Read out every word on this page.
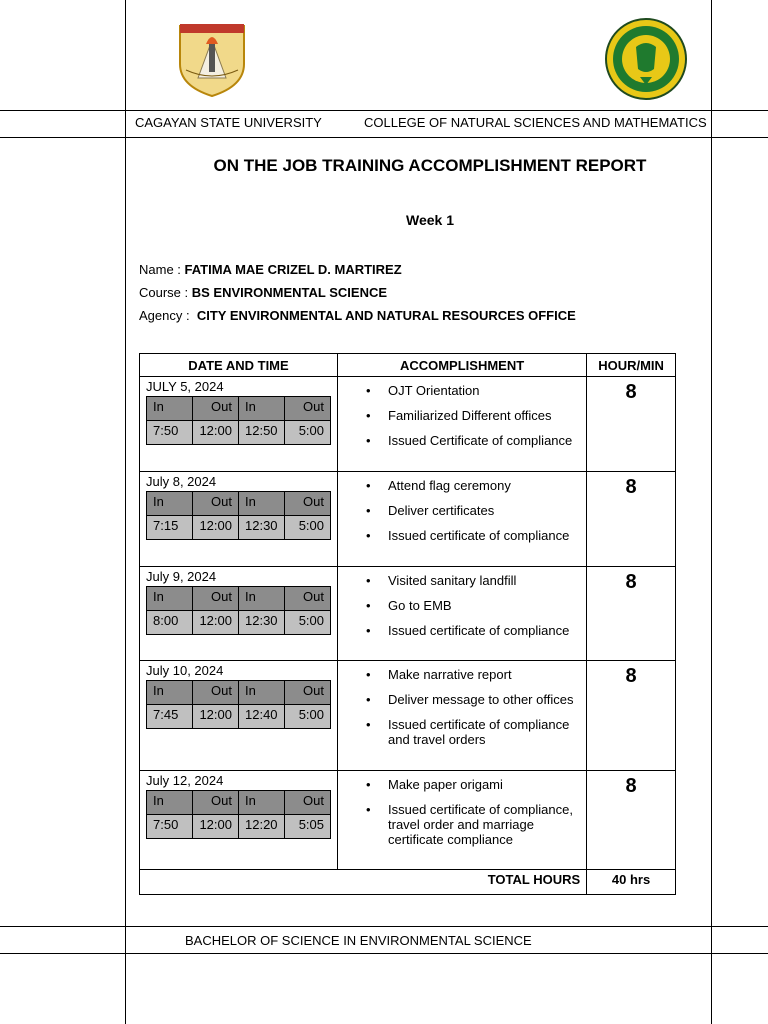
CAGAYAN STATE UNIVERSITY	COLLEGE OF NATURAL SCIENCES AND MATHEMATICS
ON THE JOB TRAINING ACCOMPLISHMENT REPORT
Week 1
Name : FATIMA MAE CRIZEL D. MARTIREZ
Course : BS ENVIRONMENTAL SCIENCE
Agency : CITY ENVIRONMENTAL AND NATURAL RESOURCES OFFICE
DATE AND TIME	ACCOMPLISHMENT	HOUR/MIN

JULY 5, 2024
In	Out	In	Out
7:50	12:00	12:50	5:00

• OJT Orientation
• Familiarized Different offices
• Issued Certificate of compliance
	8

July 8, 2024
In	Out	In	Out
7:15	12:00	12:30	5:00

• Attend flag ceremony
• Deliver certificates
• Issued certificate of compliance
	8

July 9, 2024
In	Out	In	Out
8:00	12:00	12:30	5:00

• Visited sanitary landfill
• Go to EMB
• Issued certificate of compliance
	8

July 10, 2024
In	Out	In	Out
7:45	12:00	12:40	5:00

• Make narrative report
• Deliver message to other offices
• Issued certificate of compliance and travel orders
	8

July 12, 2024
In	Out	In	Out
7:50	12:00	12:20	5:05

• Make paper origami
• Issued certificate of compliance, travel order and marriage certificate compliance
	8
TOTAL HOURS	40 hrs
BACHELOR OF SCIENCE IN ENVIRONMENTAL SCIENCE
